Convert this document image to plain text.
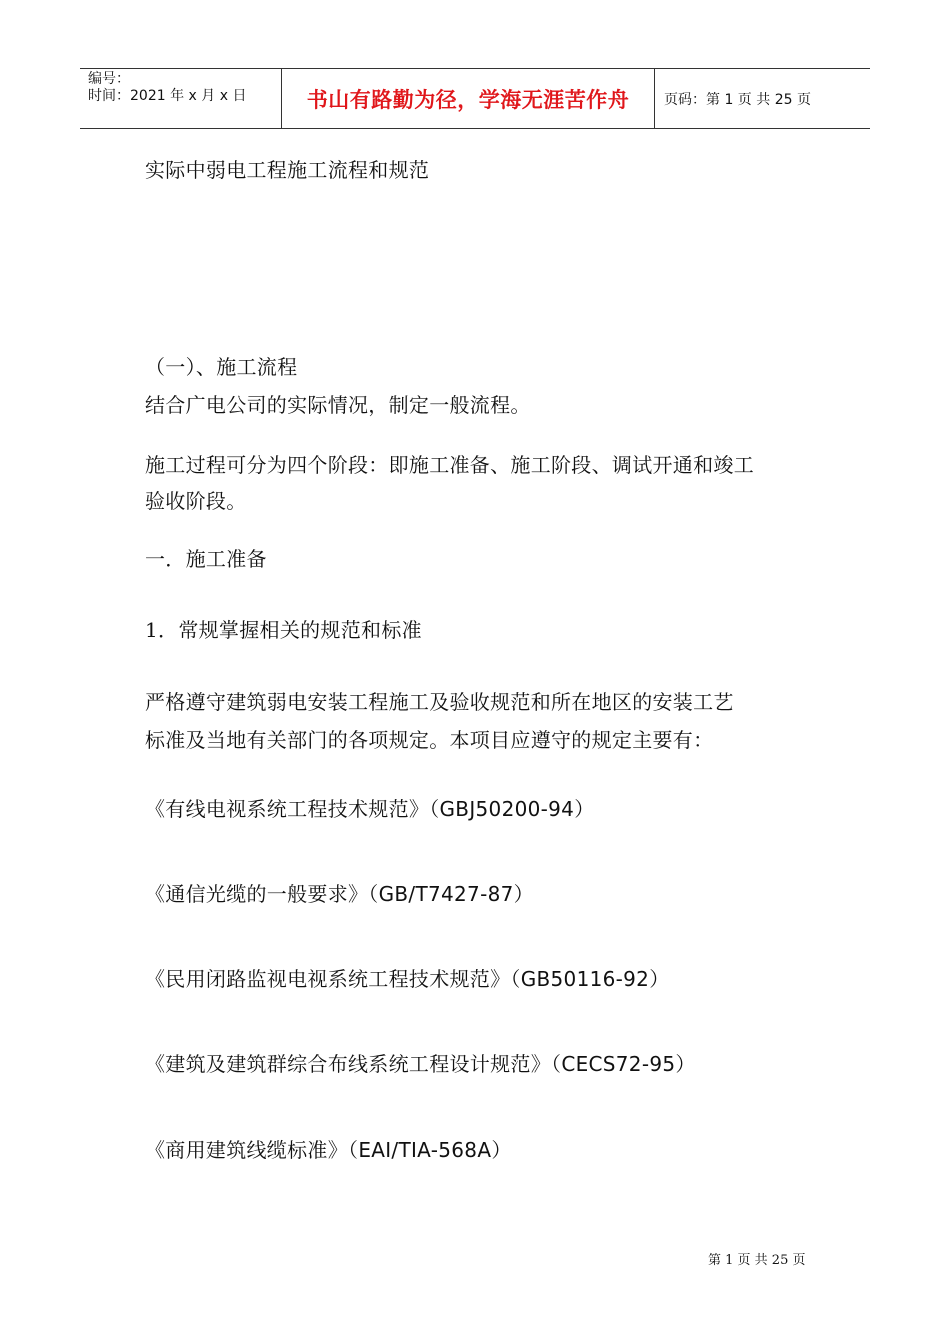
编号：
时间：2021 年 x 月 x 日	书山有路勤为径，学海无涯苦作舟	页码：第 1 页 共 25 页
实际中弱电工程施工流程和规范
（一）、施工流程
结合广电公司的实际情况，制定一般流程。
施工过程可分为四个阶段：即施工准备、施工阶段、调试开通和竣工
验收阶段。
一．施工准备
1．常规掌握相关的规范和标准
严格遵守建筑弱电安装工程施工及验收规范和所在地区的安装工艺
标准及当地有关部门的各项规定。本项目应遵守的规定主要有：
《有线电视系统工程技术规范》（GBJ50200-94）
《通信光缆的一般要求》（GB/T7427-87）
《民用闭路监视电视系统工程技术规范》（GB50116-92）
《建筑及建筑群综合布线系统工程设计规范》（CECS72-95）
《商用建筑线缆标准》（EAI/TIA-568A）
第 1 页 共 25 页
